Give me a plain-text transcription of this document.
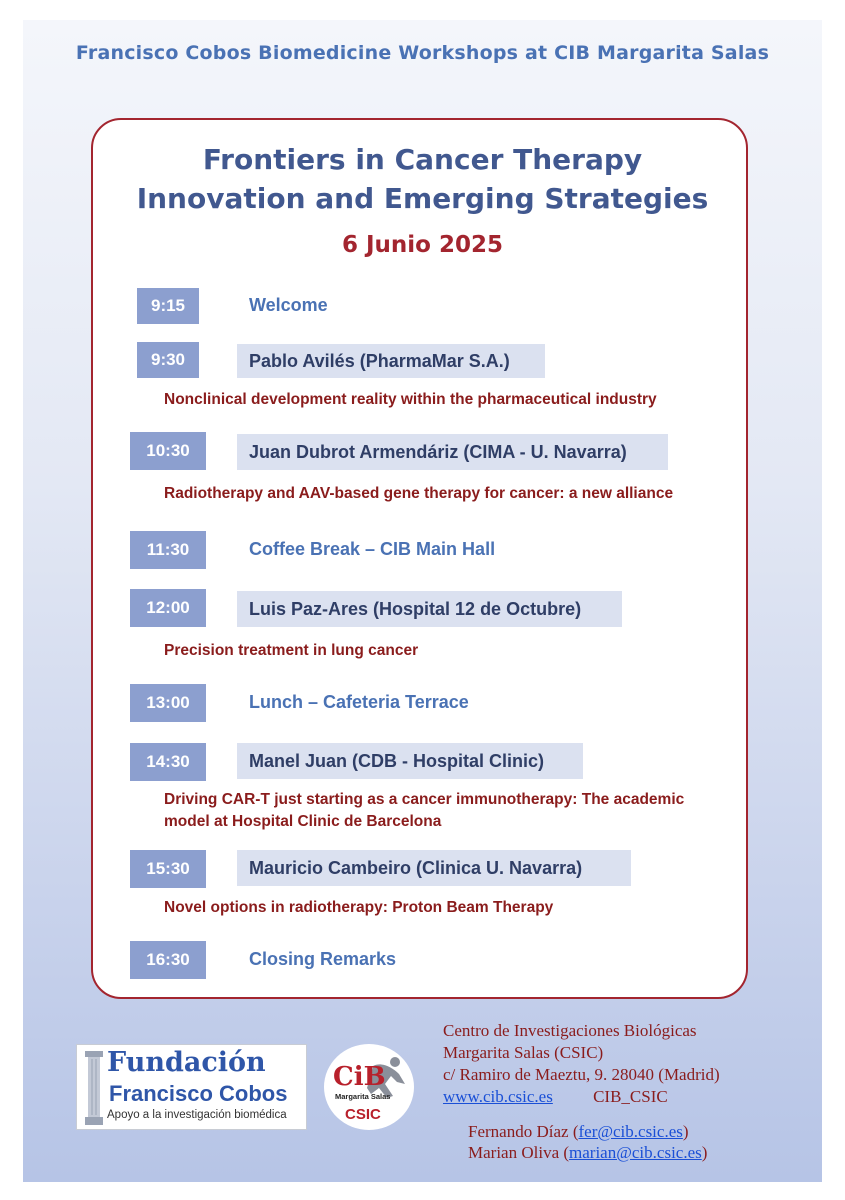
Francisco Cobos Biomedicine Workshops at CIB Margarita Salas
Frontiers in Cancer Therapy
Innovation and Emerging Strategies
6 Junio 2025
9:15	Welcome
9:30	Pablo Avilés (PharmaMar S.A.)
Nonclinical development reality within the pharmaceutical industry
10:30	Juan Dubrot Armendáriz (CIMA - U. Navarra)
Radiotherapy and AAV-based gene therapy for cancer: a new alliance
11:30	Coffee Break – CIB Main Hall
12:00	Luis Paz-Ares (Hospital 12 de Octubre)
Precision treatment in lung cancer
13:00	Lunch – Cafeteria Terrace
14:30	Manel Juan (CDB - Hospital Clinic)
Driving CAR-T just starting as a cancer immunotherapy: The academic
model at Hospital Clinic de Barcelona
15:30	Mauricio Cambeiro (Clinica U. Navarra)
Novel options in radiotherapy: Proton Beam Therapy
16:30	Closing Remarks
Fundación
Francisco Cobos
Apoyo a la investigación biomédica
CiB
Margarita Salas
CSIC
Centro de Investigaciones Biológicas
Margarita Salas (CSIC)
c/ Ramiro de Maeztu, 9. 28040 (Madrid)
www.cib.csic.es CIB_CSIC
Fernando Díaz (fer@cib.csic.es)
Marian Oliva (marian@cib.csic.es)
